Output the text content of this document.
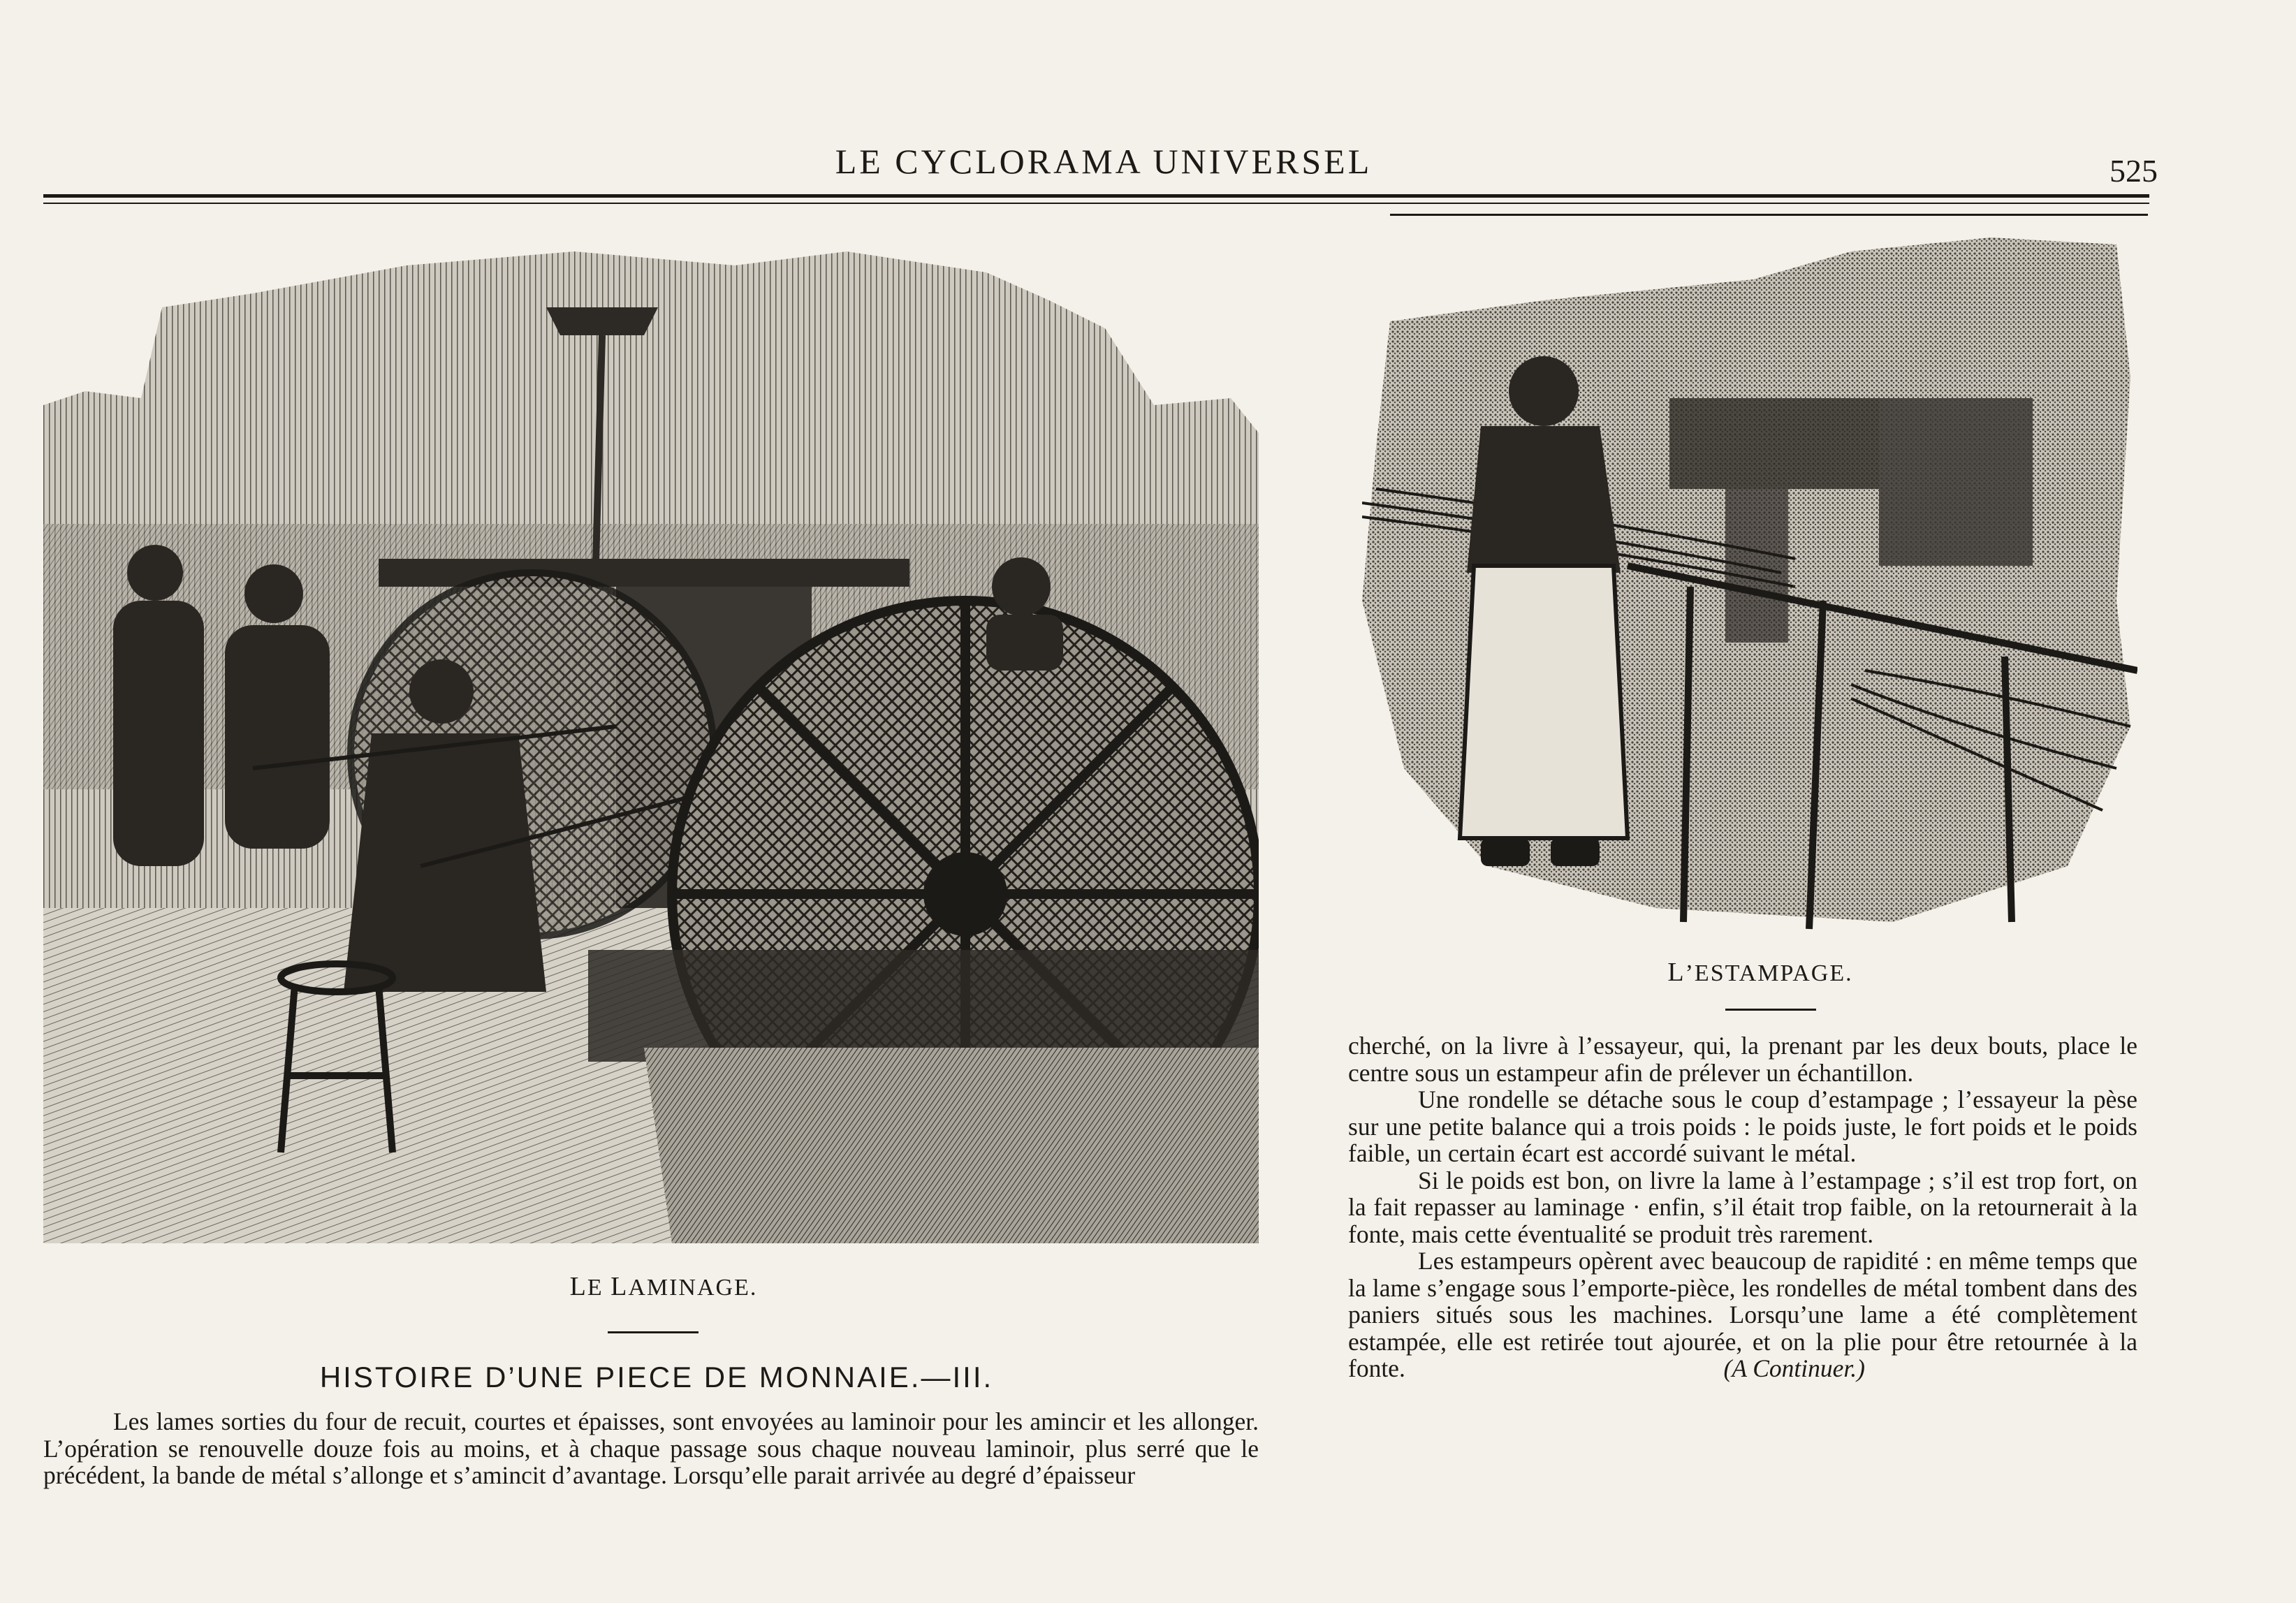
LE CYCLORAMA UNIVERSEL	525
LE LAMINAGE.
L’ESTAMPAGE.
HISTOIRE D’UNE PIECE DE MONNAIE.—III.

Les lames sorties du four de recuit, courtes et épaisses, sont envoyées au laminoir pour les amincir et les allonger. L’opération se renouvelle douze fois au moins, et à chaque passage sous chaque nouveau laminoir, plus serré que le précédent, la bande de métal s’allonge et s’amincit d’avantage. Lorsqu’elle parait arrivée au degré d’épaisseur

cherché, on la livre à l’essayeur, qui, la prenant par les deux bouts, place le centre sous un estampeur afin de prélever un échantillon.

Une rondelle se détache sous le coup d’estampage ; l’essayeur la pèse sur une petite balance qui a trois poids : le poids juste, le fort poids et le poids faible, un certain écart est accordé suivant le métal.

Si le poids est bon, on livre la lame à l’estampage ; s’il est trop fort, on la fait repasser au laminage · enfin, s’il était trop faible, on la retournerait à la fonte, mais cette éventualité se produit très rarement.

Les estampeurs opèrent avec beaucoup de rapidité : en même temps que la lame s’engage sous l’emporte-pièce, les rondelles de métal tombent dans des paniers situés sous les machines. Lorsqu’une lame a été complètement estampée, elle est retirée tout ajourée, et on la plie pour être retournée à la fonte.	(A Continuer.)
